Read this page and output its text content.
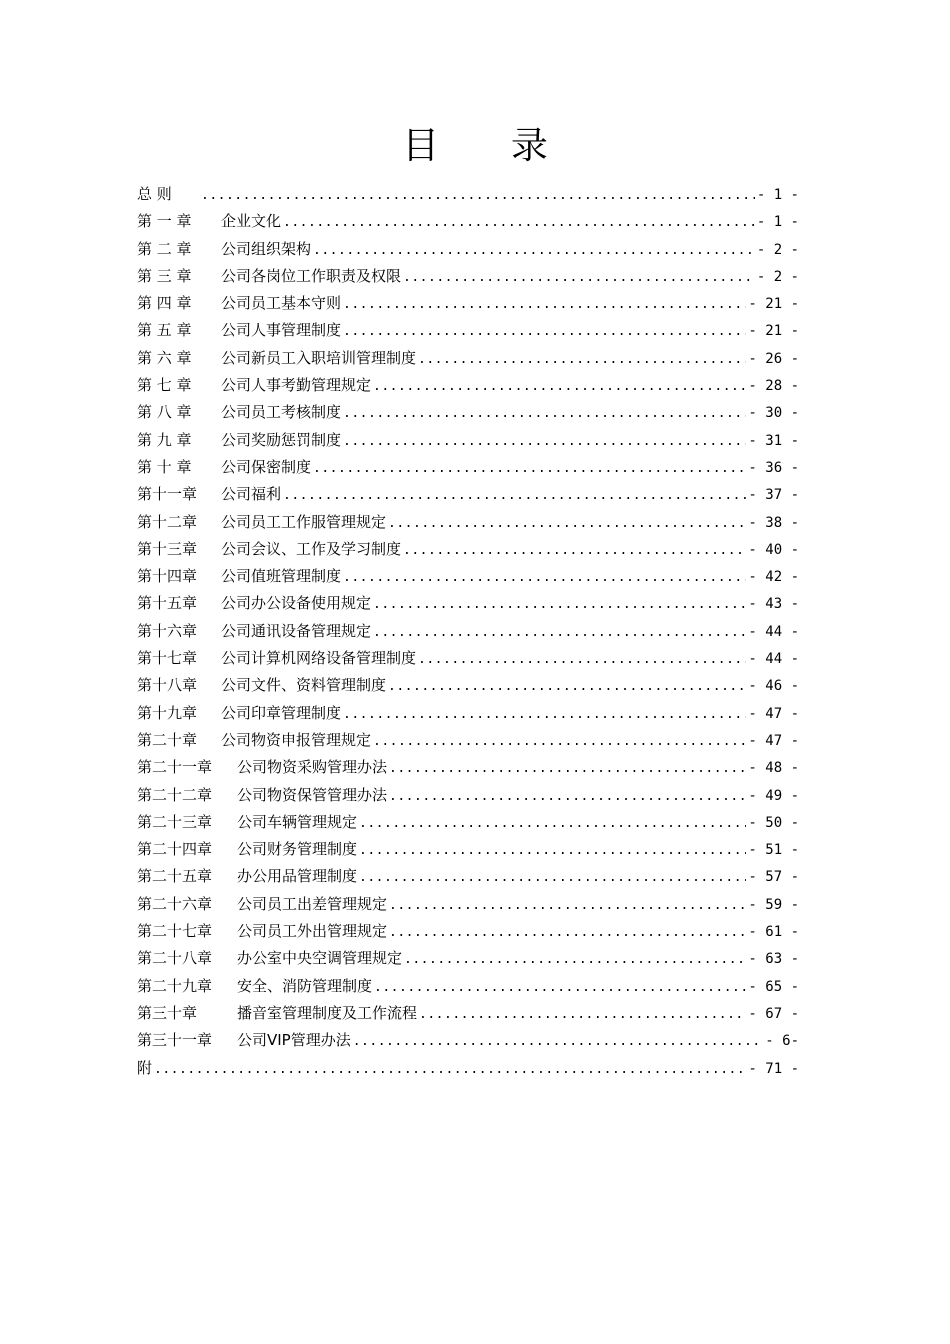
目 录
总 则 .....	- 1 -
第 一 章	企业文化 .....	- 1 -
第 二 章	公司组织架构 .....	- 2 -
第 三 章	公司各岗位工作职责及权限 .....	- 2 -
第 四 章	公司员工基本守则 .....	- 21 -
第 五 章	公司人事管理制度 .....	- 21 -
第 六 章	公司新员工入职培训管理制度 .....	- 26 -
第 七 章	公司人事考勤管理规定 .....	- 28 -
第 八 章	公司员工考核制度 .....	- 30 -
第 九 章	公司奖励惩罚制度 .....	- 31 -
第 十 章	公司保密制度 .....	- 36 -
第十一章	公司福利 .....	- 37 -
第十二章	公司员工工作服管理规定 .....	- 38 -
第十三章	公司会议、工作及学习制度 .....	- 40 -
第十四章	公司值班管理制度 .....	- 42 -
第十五章	公司办公设备使用规定 .....	- 43 -
第十六章	公司通讯设备管理规定 .....	- 44 -
第十七章	公司计算机网络设备管理制度 .....	- 44 -
第十八章	公司文件、资料管理制度 .....	- 46 -
第十九章	公司印章管理制度 .....	- 47 -
第二十章	公司物资申报管理规定 .....	- 47 -
第二十一章	公司物资采购管理办法 .....	- 48 -
第二十二章	公司物资保管管理办法 .....	- 49 -
第二十三章	公司车辆管理规定 .....	- 50 -
第二十四章	公司财务管理制度 .....	- 51 -
第二十五章	办公用品管理制度 .....	- 57 -
第二十六章	公司员工出差管理规定 .....	- 59 -
第二十七章	公司员工外出管理规定 .....	- 61 -
第二十八章	办公室中央空调管理规定 .....	- 63 -
第二十九章	安全、消防管理制度 .....	- 65 -
第三十章	播音室管理制度及工作流程 .....	- 67 -
第三十一章	公司VIP管理办法 .....	- 6-
附 .....	- 71 -
